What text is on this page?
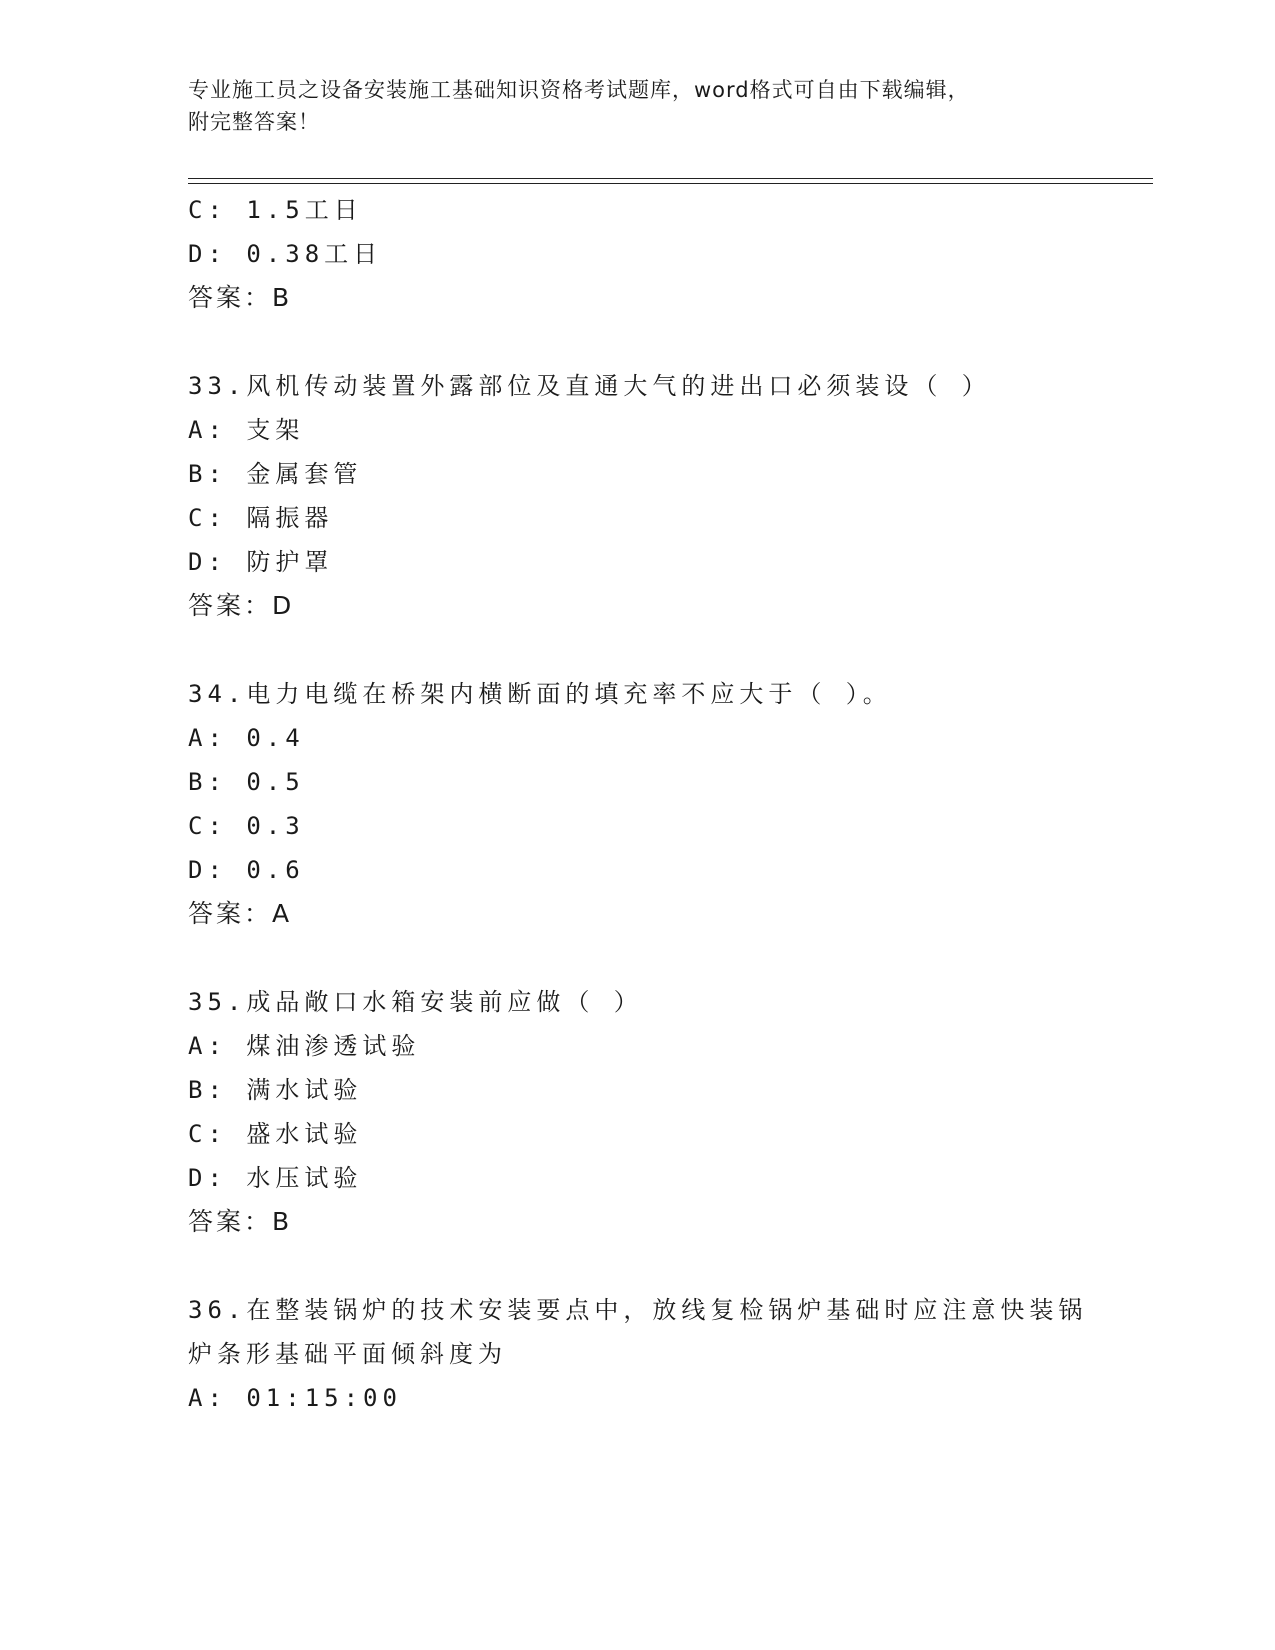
专业施工员之设备安装施工基础知识资格考试题库，word格式可自由下载编辑，
附完整答案！
C: 1.5工日
D: 0.38工日
答案：B
33.风机传动装置外露部位及直通大气的进出口必须装设（ ）
A: 支架
B: 金属套管
C: 隔振器
D: 防护罩
答案：D
34.电力电缆在桥架内横断面的填充率不应大于（ ）。
A: 0.4
B: 0.5
C: 0.3
D: 0.6
答案：A
35.成品敞口水箱安装前应做（ ）
A: 煤油渗透试验
B: 满水试验
C: 盛水试验
D: 水压试验
答案：B
36.在整装锅炉的技术安装要点中，放线复检锅炉基础时应注意快装锅
炉条形基础平面倾斜度为
A: 01:15:00
